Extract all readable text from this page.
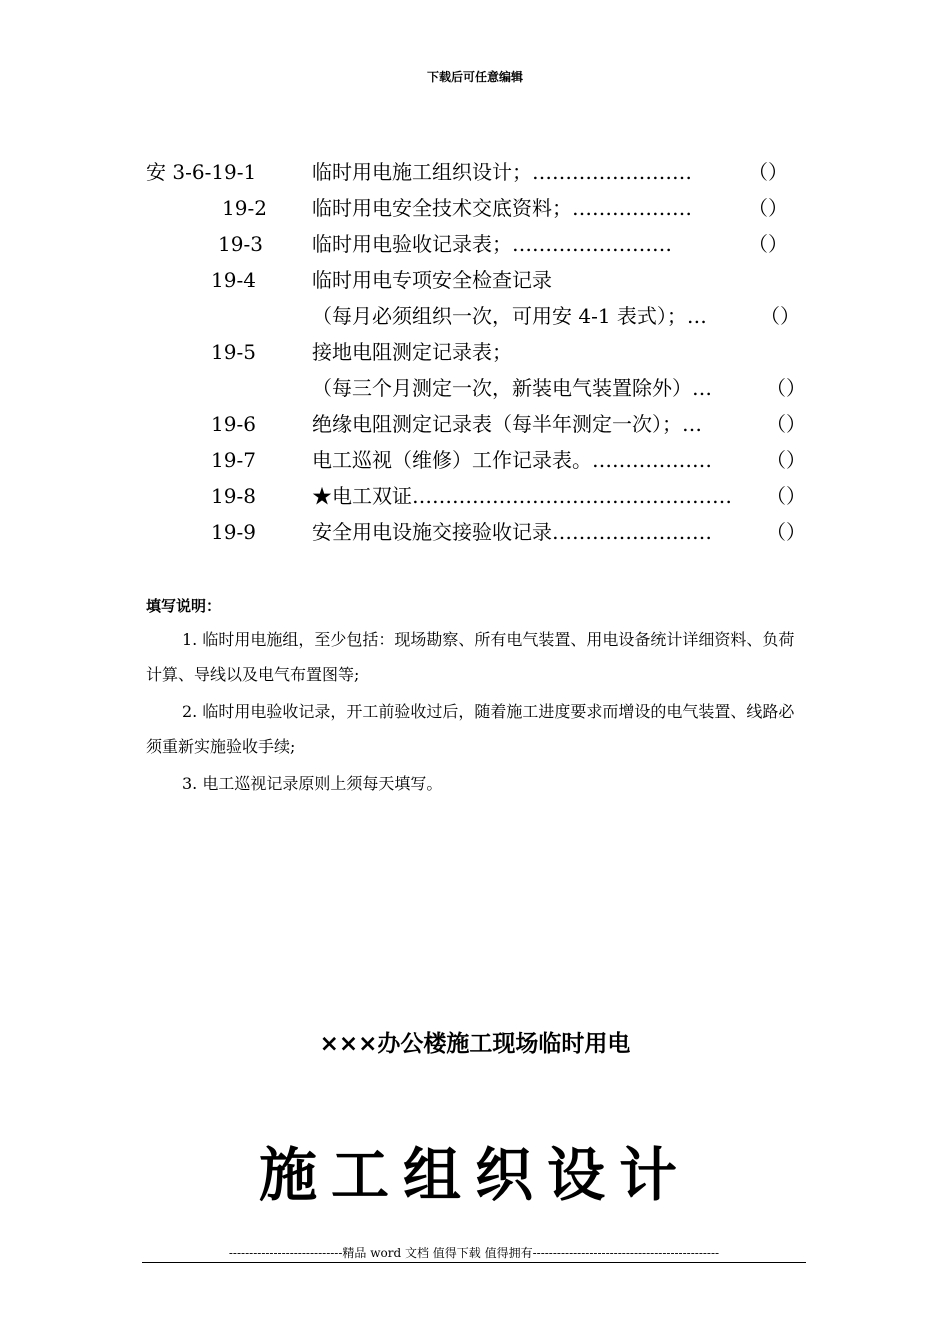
下载后可任意编辑
安 3-6-19-1	临时用电施工组织设计；……………………	（）
19-2 临时用电安全技术交底资料；………………	（）
19-3 临时用电验收记录表；……………………	（）
19-4	临时用电专项安全检查记录
（每月必须组织一次，可用安 4-1 表式）；…	（）
19-5	接地电阻测定记录表；
（每三个月测定一次，新装电气装置除外）…	（）
19-6	绝缘电阻测定记录表（每半年测定一次）；…	（）
19-7	电工巡视（维修）工作记录表。………………	（）
19-8	★电工双证………………………………………… （）
19-9	安全用电设施交接验收记录……………………	（）
填写说明：
1. 临时用电施组，至少包括：现场勘察、所有电气装置、用电设备统计详细资料、负荷计算、导线以及电气布置图等;
2. 临时用电验收记录，开工前验收过后，随着施工进度要求而增设的电气装置、线路必须重新实施验收手续;
3. 电工巡视记录原则上须每天填写。
×××办公楼施工现场临时用电
施工组织设计
----------------------------精品 word 文档 值得下载 值得拥有----------------------------------------------
